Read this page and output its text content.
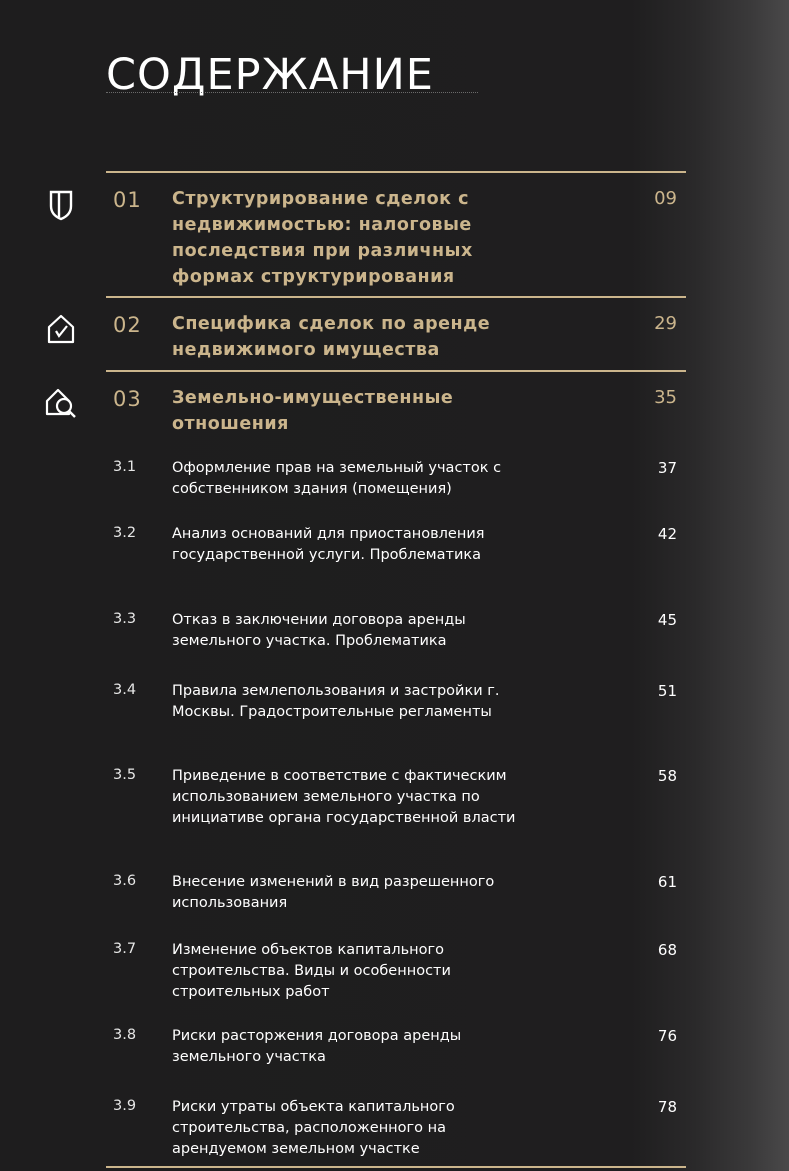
СОДЕРЖАНИЕ
01 Структурирование сделок с недвижимостью: налоговые последствия при различных формах структурирования
09
02 Специфика сделок по аренде недвижимого имущества
29
03 Земельно-имущественные отношения
35
3.1 Оформление прав на земельный участок с собственником здания (помещения)
37
3.2 Анализ оснований для приостановления государственной услуги. Проблематика
42
3.3 Отказ в заключении договора аренды земельного участка. Проблематика
45
3.4 Правила землепользования и застройки г. Москвы. Градостроительные регламенты
51
3.5 Приведение в соответствие с фактическим использованием земельного участка по инициативе органа государственной власти
58
3.6 Внесение изменений в вид разрешенного использования
61
3.7 Изменение объектов капитального строительства. Виды и особенности строительных работ
68
3.8 Риски расторжения договора аренды земельного участка
76
3.9 Риски утраты объекта капитального строительства, расположенного на арендуемом земельном участке
78
